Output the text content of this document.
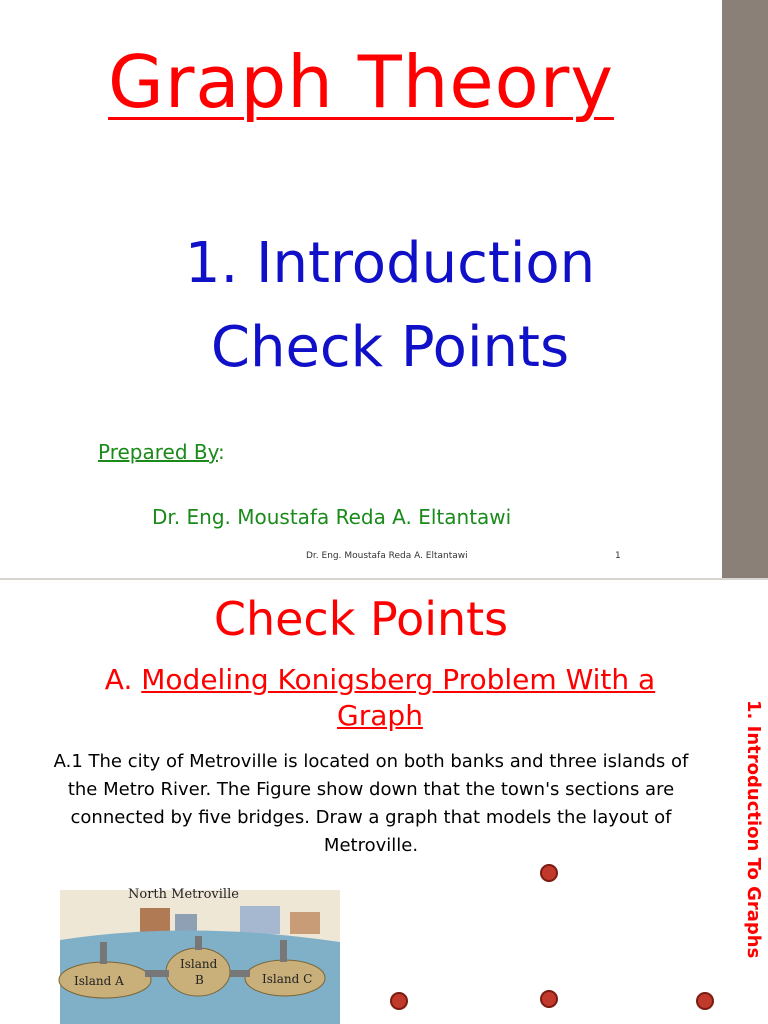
Graph Theory
1. Introduction
Check Points
Prepared By:
Dr. Eng. Moustafa Reda A. Eltantawi
Dr. Eng. Moustafa Reda A. Eltantawi	1
Check Points
A. Modeling Konigsberg Problem With a Graph
A.1 The city of Metroville is located on both banks and three islands of the Metro River. The Figure show down that the town's sections are connected by five bridges. Draw a graph that models the layout of Metroville.	1. Introduction To Graphs
North Metroville
Island A
Island
B	Island C
